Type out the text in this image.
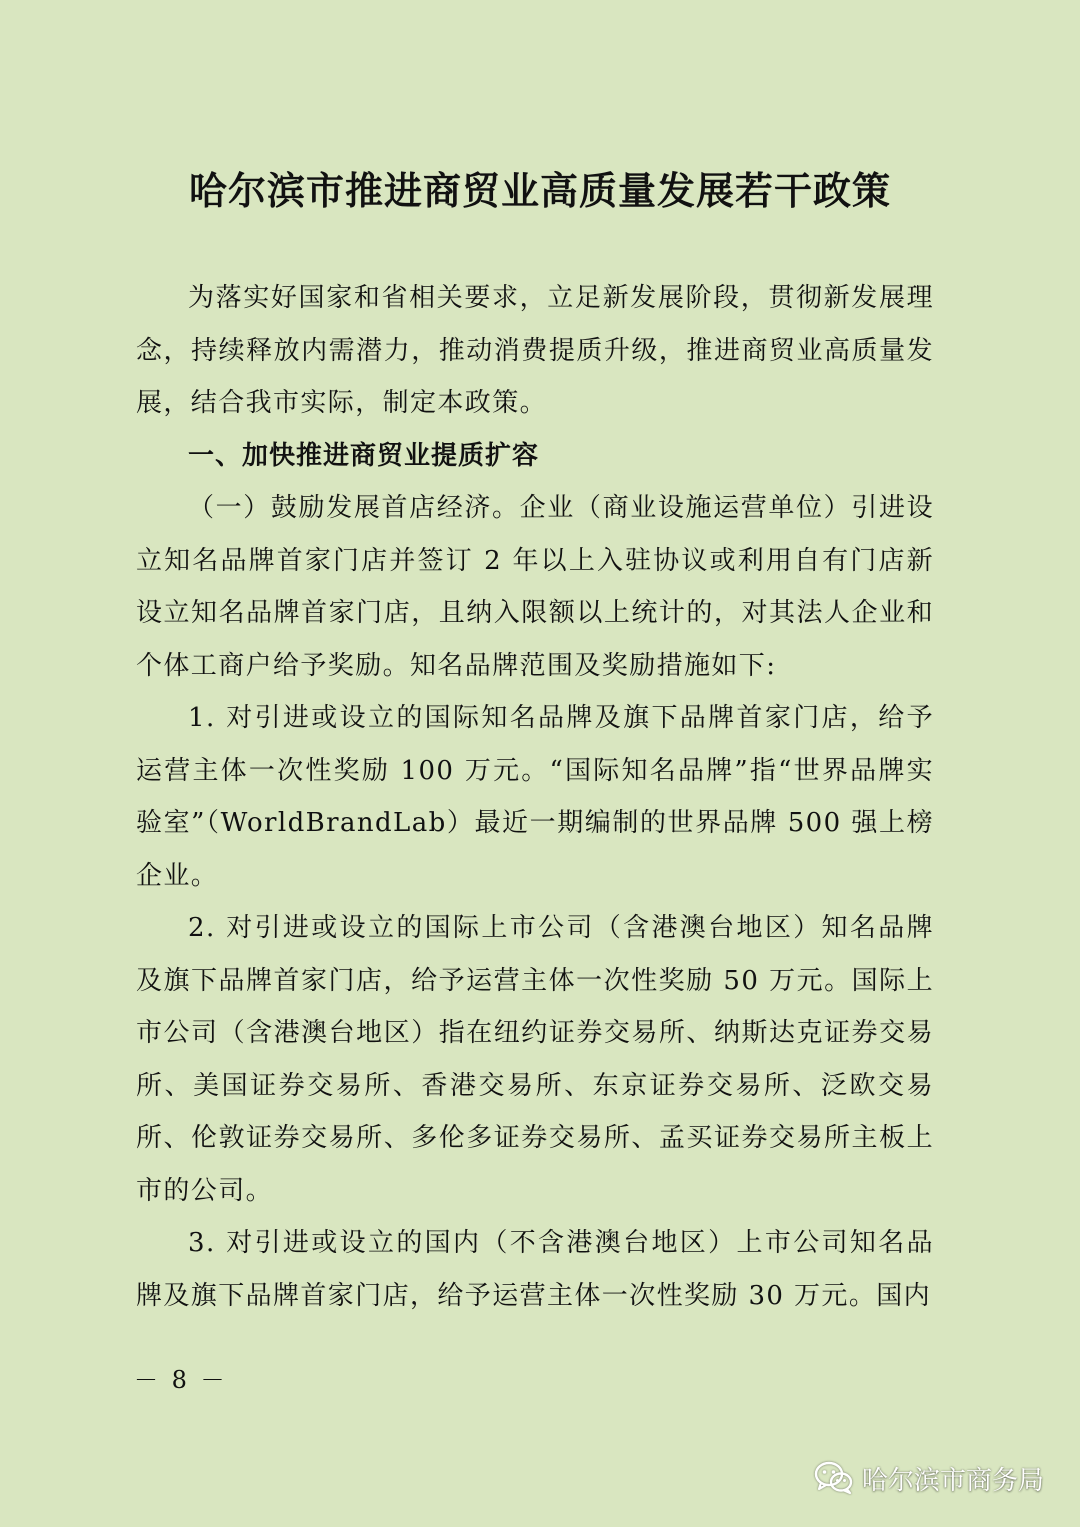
哈尔滨市推进商贸业高质量发展若干政策

为落实好国家和省相关要求，立足新发展阶段，贯彻新发展理念，持续释放内需潜力，推动消费提质升级，推进商贸业高质量发展，结合我市实际，制定本政策。

一、加快推进商贸业提质扩容

（一）鼓励发展首店经济。企业（商业设施运营单位）引进设立知名品牌首家门店并签订 2 年以上入驻协议或利用自有门店新设立知名品牌首家门店，且纳入限额以上统计的，对其法人企业和个体工商户给予奖励。知名品牌范围及奖励措施如下:

1. 对引进或设立的国际知名品牌及旗下品牌首家门店，给予运营主体一次性奖励 100 万元。“国际知名品牌”指“世界品牌实验室”（WorldBrandLab）最近一期编制的世界品牌 500 强上榜企业。

2. 对引进或设立的国际上市公司（含港澳台地区）知名品牌及旗下品牌首家门店，给予运营主体一次性奖励 50 万元。国际上市公司（含港澳台地区）指在纽约证券交易所、纳斯达克证券交易所、美国证券交易所、香港交易所、东京证券交易所、泛欧交易所、伦敦证券交易所、多伦多证券交易所、孟买证券交易所主板上市的公司。

3. 对引进或设立的国内（不含港澳台地区）上市公司知名品牌及旗下品牌首家门店，给予运营主体一次性奖励 30 万元。国内

－ 8 －
哈尔滨市商务局
